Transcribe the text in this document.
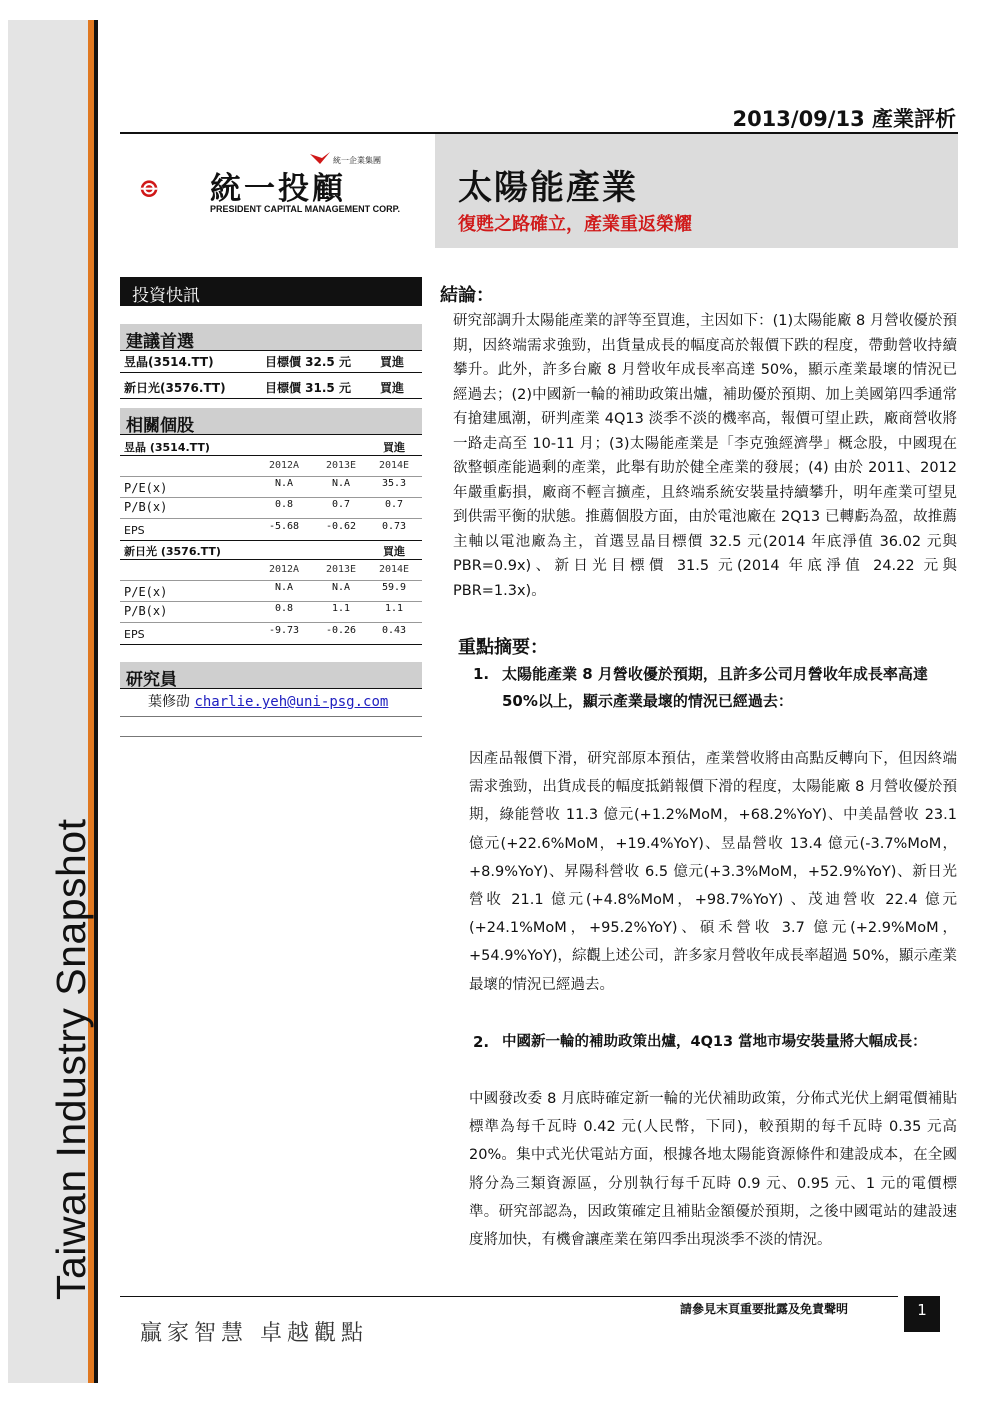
Taiwan Industry Snapshot
2013/09/13 產業評析
太陽能產業
復甦之路確立，產業重返榮耀
統一企業集團
統一投顧
PRESIDENT CAPITAL MANAGEMENT CORP.
投資快訊
建議首選
昱晶(3514.TT)	目標價 32.5 元 買進
新日光(3576.TT)	目標價 31.5 元 買進
相關個股
昱晶 (3514.TT)	買進
2012A	2013E	2014E
P/E(x)	N.A	N.A	35.3
P/B(x)	0.8	0.7	0.7
EPS	-5.68	-0.62	0.73
新日光 (3576.TT)	買進
2012A	2013E	2014E
P/E(x)	N.A	N.A	59.9
P/B(x)	0.8	1.1	1.1
EPS	-9.73	-0.26	0.43
研究員
葉修劭 charlie.yeh@uni-psg.com
結論：
研究部調升太陽能產業的評等至買進，主因如下：(1)太陽能廠 8 月營收優於預期，因終端需求強勁，出貨量成長的幅度高於報價下跌的程度，帶動營收持續攀升。此外，許多台廠 8 月營收年成長率高達 50%，顯示產業最壞的情況已經過去；(2)中國新一輪的補助政策出爐，補助優於預期、加上美國第四季通常有搶建風潮，研判產業 4Q13 淡季不淡的機率高，報價可望止跌，廠商營收將一路走高至 10-11 月；(3)太陽能產業是「李克強經濟學」概念股，中國現在欲整頓產能過剩的產業，此舉有助於健全產業的發展；(4) 由於 2011、2012 年嚴重虧損，廠商不輕言擴產，且終端系統安裝量持續攀升，明年產業可望見到供需平衡的狀態。推薦個股方面，由於電池廠在 2Q13 已轉虧為盈，故推薦主軸以電池廠為主，首選昱晶目標價 32.5 元(2014 年底淨值 36.02 元與 PBR=0.9x)、新日光目標價 31.5 元(2014 年底淨值 24.22 元與 PBR=1.3x)。
重點摘要：
1. 太陽能產業 8 月營收優於預期，且許多公司月營收年成長率高達 50%以上，顯示產業最壞的情況已經過去：
因產品報價下滑，研究部原本預估，產業營收將由高點反轉向下，但因終端需求強勁，出貨成長的幅度抵銷報價下滑的程度，太陽能廠 8 月營收優於預期，綠能營收 11.3 億元(+1.2%MoM，+68.2%YoY)、中美晶營收 23.1 億元(+22.6%MoM，+19.4%YoY)、昱晶營收 13.4 億元(-3.7%MoM，+8.9%YoY)、昇陽科營收 6.5 億元(+3.3%MoM，+52.9%YoY)、新日光營收 21.1 億元(+4.8%MoM，+98.7%YoY) 、茂迪營收 22.4 億元(+24.1%MoM，+95.2%YoY)、碩禾營收 3.7 億元(+2.9%MoM，+54.9%YoY)，綜觀上述公司，許多家月營收年成長率超過 50%，顯示產業最壞的情況已經過去。
2. 中國新一輪的補助政策出爐，4Q13 當地市場安裝量將大幅成長：
中國發改委 8 月底時確定新一輪的光伏補助政策，分佈式光伏上網電價補貼標準為每千瓦時 0.42 元(人民幣，下同)，較預期的每千瓦時 0.35 元高 20%。集中式光伏電站方面，根據各地太陽能資源條件和建設成本，在全國將分為三類資源區，分別執行每千瓦時 0.9 元、0.95 元、1 元的電價標準。研究部認為，因政策確定且補貼金額優於預期，之後中國電站的建設速度將加快，有機會讓產業在第四季出現淡季不淡的情況。
贏家智慧 卓越觀點
請參見末頁重要批露及免責聲明	1
